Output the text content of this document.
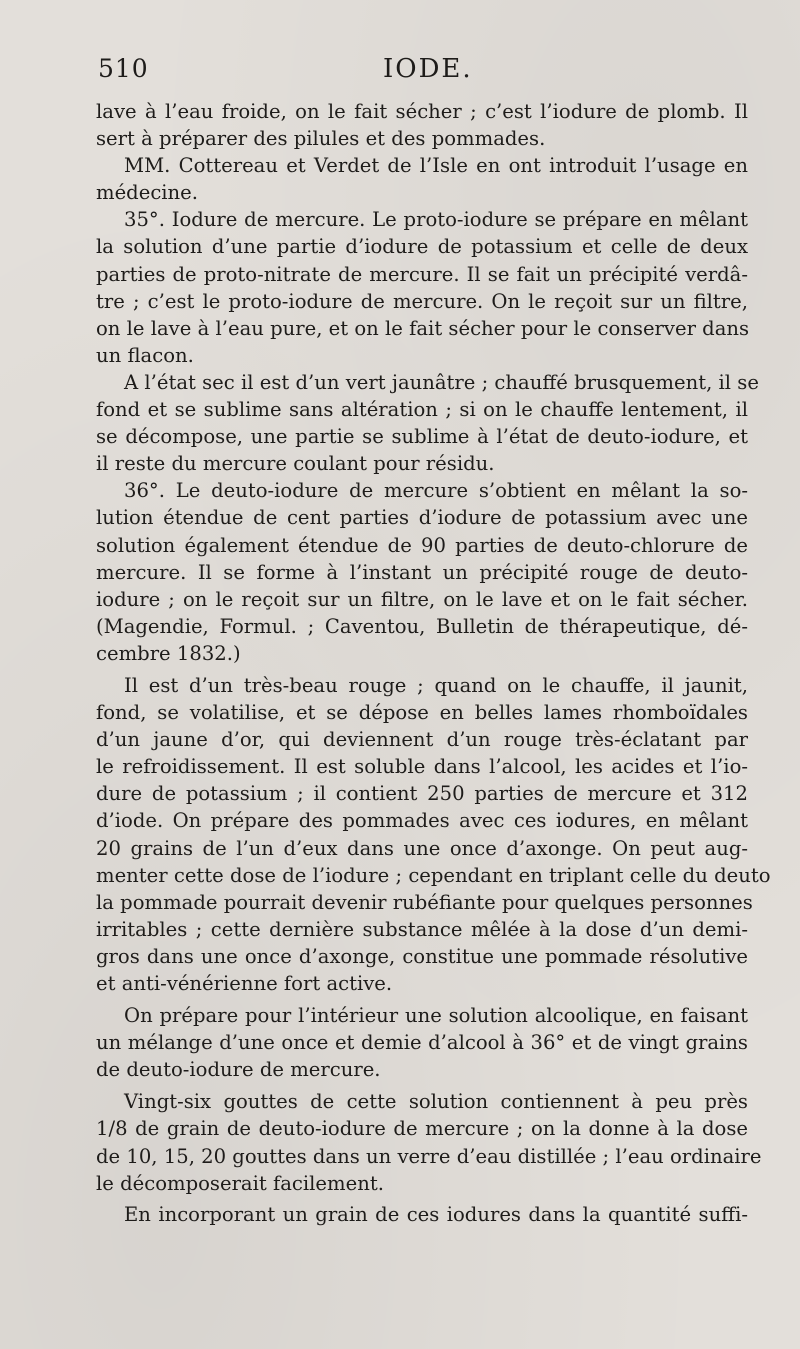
510	IODE.
lave à l’eau froide, on le fait sécher ; c’est l’iodure de plomb. Il
sert à préparer des pilules et des pommades.
MM. Cottereau et Verdet de l’Isle en ont introduit l’usage en
médecine.
35°. Iodure de mercure. Le proto-iodure se prépare en mêlant
la solution d’une partie d’iodure de potassium et celle de deux
parties de proto-nitrate de mercure. Il se fait un précipité verdâ-
tre ; c’est le proto-iodure de mercure. On le reçoit sur un filtre,
on le lave à l’eau pure, et on le fait sécher pour le conserver dans
un flacon.
A l’état sec il est d’un vert jaunâtre ; chauffé brusquement, il se
fond et se sublime sans altération ; si on le chauffe lentement, il
se décompose, une partie se sublime à l’état de deuto-iodure, et
il reste du mercure coulant pour résidu.
36°. Le deuto-iodure de mercure s’obtient en mêlant la so-
lution étendue de cent parties d’iodure de potassium avec une
solution également étendue de 90 parties de deuto-chlorure de
mercure. Il se forme à l’instant un précipité rouge de deuto-
iodure ; on le reçoit sur un filtre, on le lave et on le fait sécher.
(Magendie, Formul. ; Caventou, Bulletin de thérapeutique, dé-
cembre 1832.)
Il est d’un très-beau rouge ; quand on le chauffe, il jaunit,
fond, se volatilise, et se dépose en belles lames rhomboïdales
d’un jaune d’or, qui deviennent d’un rouge très-éclatant par
le refroidissement. Il est soluble dans l’alcool, les acides et l’io-
dure de potassium ; il contient 250 parties de mercure et 312
d’iode. On prépare des pommades avec ces iodures, en mêlant
20 grains de l’un d’eux dans une once d’axonge. On peut aug-
menter cette dose de l’iodure ; cependant en triplant celle du deuto
la pommade pourrait devenir rubéfiante pour quelques personnes
irritables ; cette dernière substance mêlée à la dose d’un demi-
gros dans une once d’axonge, constitue une pommade résolutive
et anti-vénérienne fort active.
On prépare pour l’intérieur une solution alcoolique, en faisant
un mélange d’une once et demie d’alcool à 36° et de vingt grains
de deuto-iodure de mercure.
Vingt-six gouttes de cette solution contiennent à peu près
1/8 de grain de deuto-iodure de mercure ; on la donne à la dose
de 10, 15, 20 gouttes dans un verre d’eau distillée ; l’eau ordinaire
le décomposerait facilement.
En incorporant un grain de ces iodures dans la quantité suffi-
